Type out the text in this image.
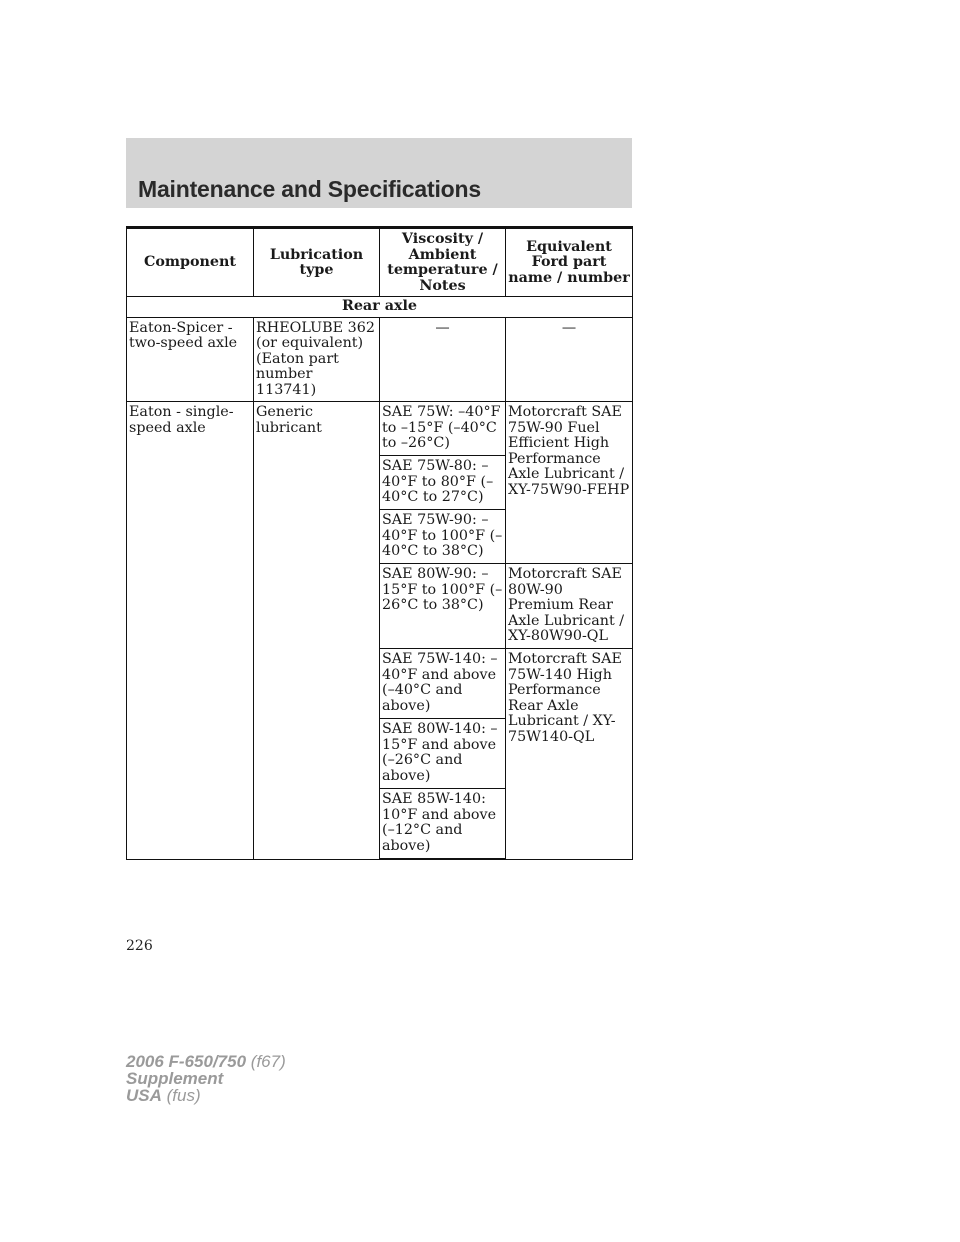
Maintenance and Specifications
Component	Lubrication type	Viscosity / Ambient temperature / Notes	Equivalent Ford part name / number
Rear axle			
Eaton-Spicer - two-speed axle	RHEOLUBE 362 (or equivalent) (Eaton part number 113741)	—	—
Eaton - single-speed axle	Generic lubricant	SAE 75W: –40°F to –15°F (–40°C to –26°C)	Motorcraft SAE 75W-90 Fuel Efficient High Performance Axle Lubricant / XY-75W90-FEHP
		SAE 75W-80: –40°F to 80°F (–40°C to 27°C)	
		SAE 75W-90: –40°F to 100°F (–40°C to 38°C)	
		SAE 80W-90: –15°F to 100°F (–26°C to 38°C)	Motorcraft SAE 80W-90 Premium Rear Axle Lubricant / XY-80W90-QL
		SAE 75W-140: –40°F and above (–40°C and above)	Motorcraft SAE 75W-140 High Performance Rear Axle Lubricant / XY-75W140-QL
		SAE 80W-140: –15°F and above (–26°C and above)	
		SAE 85W-140: 10°F and above (–12°C and above)	
226
2006 F-650/750 (f67)
Supplement
USA (fus)
